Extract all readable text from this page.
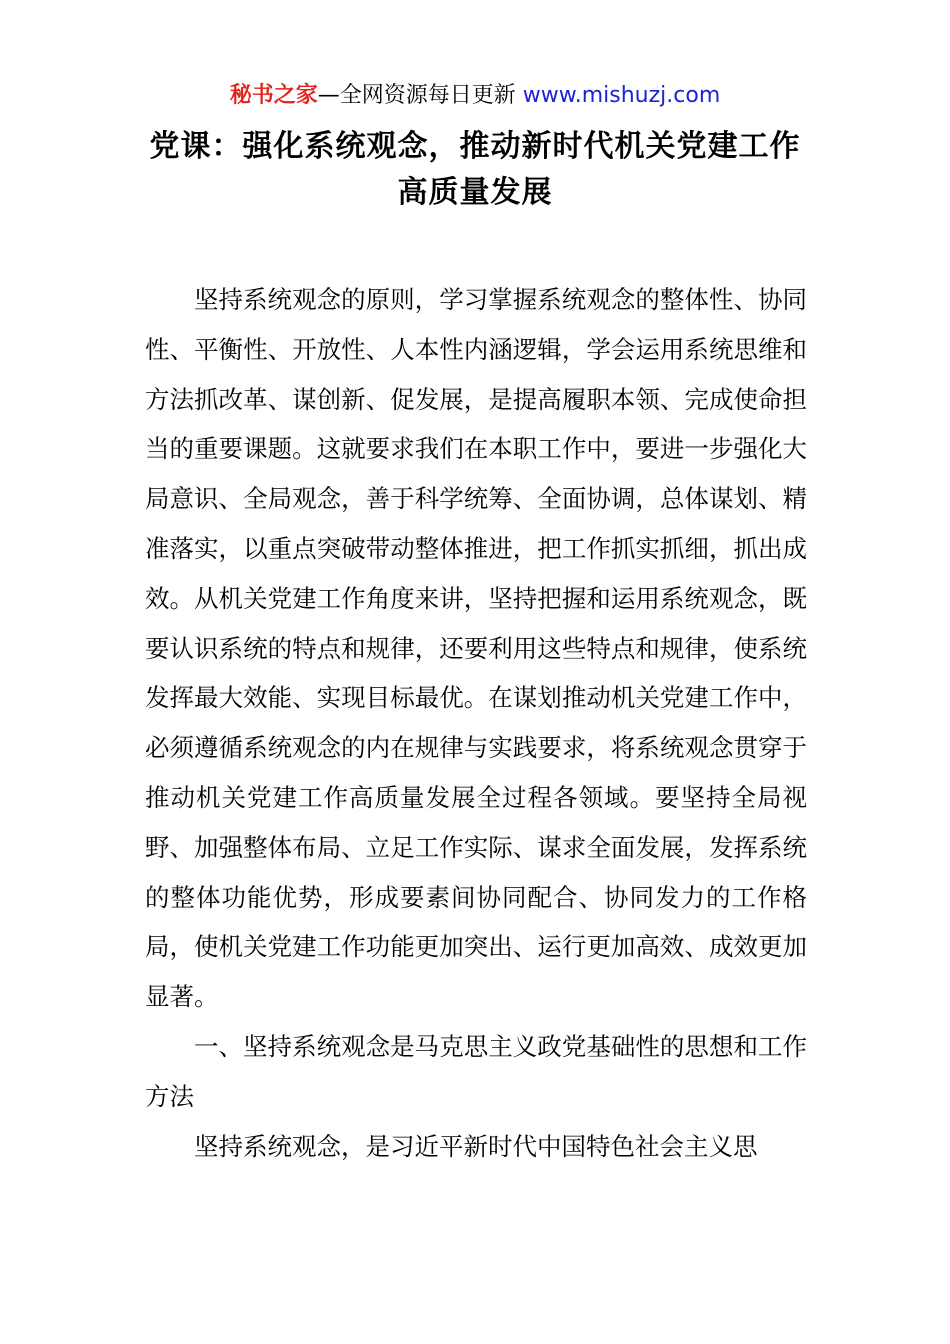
秘书之家—全网资源每日更新 www.mishuzj.com
党课：强化系统观念，推动新时代机关党建工作高质量发展

坚持系统观念的原则，学习掌握系统观念的整体性、协同性、平衡性、开放性、人本性内涵逻辑，学会运用系统思维和方法抓改革、谋创新、促发展，是提高履职本领、完成使命担当的重要课题。这就要求我们在本职工作中，要进一步强化大局意识、全局观念，善于科学统筹、全面协调，总体谋划、精准落实，以重点突破带动整体推进，把工作抓实抓细，抓出成效。从机关党建工作角度来讲，坚持把握和运用系统观念，既要认识系统的特点和规律，还要利用这些特点和规律，使系统发挥最大效能、实现目标最优。在谋划推动机关党建工作中，必须遵循系统观念的内在规律与实践要求，将系统观念贯穿于推动机关党建工作高质量发展全过程各领域。要坚持全局视野、加强整体布局、立足工作实际、谋求全面发展，发挥系统的整体功能优势，形成要素间协同配合、协同发力的工作格局，使机关党建工作功能更加突出、运行更加高效、成效更加显著。

一、坚持系统观念是马克思主义政党基础性的思想和工作方法

坚持系统观念，是习近平新时代中国特色社会主义思
